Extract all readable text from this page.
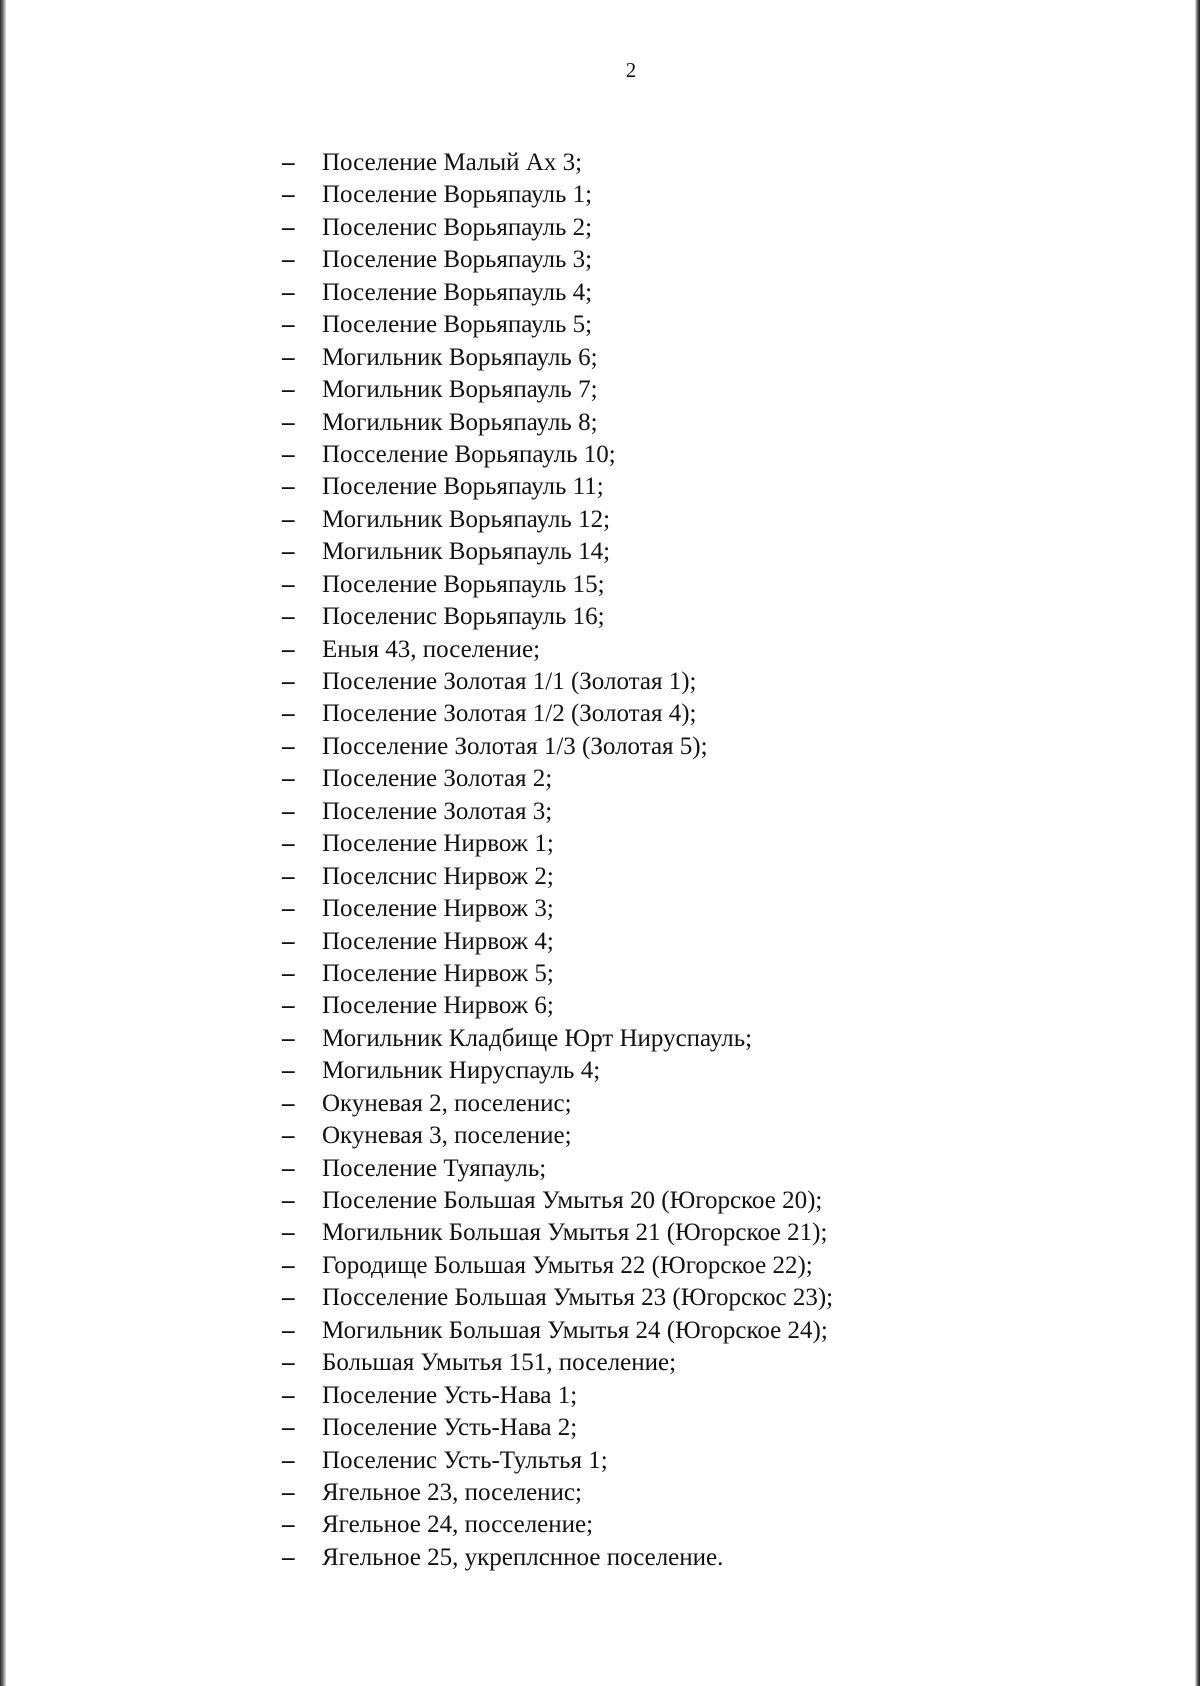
2
–	Поселение Малый Ах 3;
–	Поселение Ворьяпауль 1;
–	Поселенис Ворьяпауль 2;
–	Поселение Ворьяпауль 3;
–	Поселение Ворьяпауль 4;
–	Поселение Ворьяпауль 5;
–	Могильник Ворьяпауль 6;
–	Могильник Ворьяпауль 7;
–	Могильник Ворьяпауль 8;
–	Посселение Ворьяпауль 10;
–	Поселение Ворьяпауль 11;
–	Могильник Ворьяпауль 12;
–	Могильник Ворьяпауль 14;
–	Поселение Ворьяпауль 15;
–	Поселенис Ворьяпауль 16;
–	Еныя 43, поселение;
–	Поселение Золотая 1/1 (Золотая 1);
–	Поселение Золотая 1/2 (Золотая 4);
–	Посселение Золотая 1/3 (Золотая 5);
–	Поселение Золотая 2;
–	Поселение Золотая 3;
–	Поселение Нирвож 1;
–	Поселснис Нирвож 2;
–	Поселение Нирвож 3;
–	Поселение Нирвож 4;
–	Поселение Нирвож 5;
–	Поселение Нирвож 6;
–	Могильник Кладбище Юрт Нируспауль;
–	Могильник Нируспауль 4;
–	Окуневая 2, поселенис;
–	Окуневая 3, поселение;
–	Поселение Туяпауль;
–	Поселение Большая Умытья 20 (Югорское 20);
–	Могильник Большая Умытья 21 (Югорскоe 21);
–	Городище Большая Умытья 22 (Югорское 22);
–	Посселение Большая Умытья 23 (Югорскоc 23);
–	Могильник Большая Умытья 24 (Югорское 24);
–	Большая Умытья 151, поселение;
–	Поселение Усть-Нава 1;
–	Поселение Усть-Нава 2;
–	Поселенис Усть-Тультья 1;
–	Ягельное 23, поселенис;
–	Ягельное 24, посселение;
–	Ягельное 25, укреплснное поселение.
